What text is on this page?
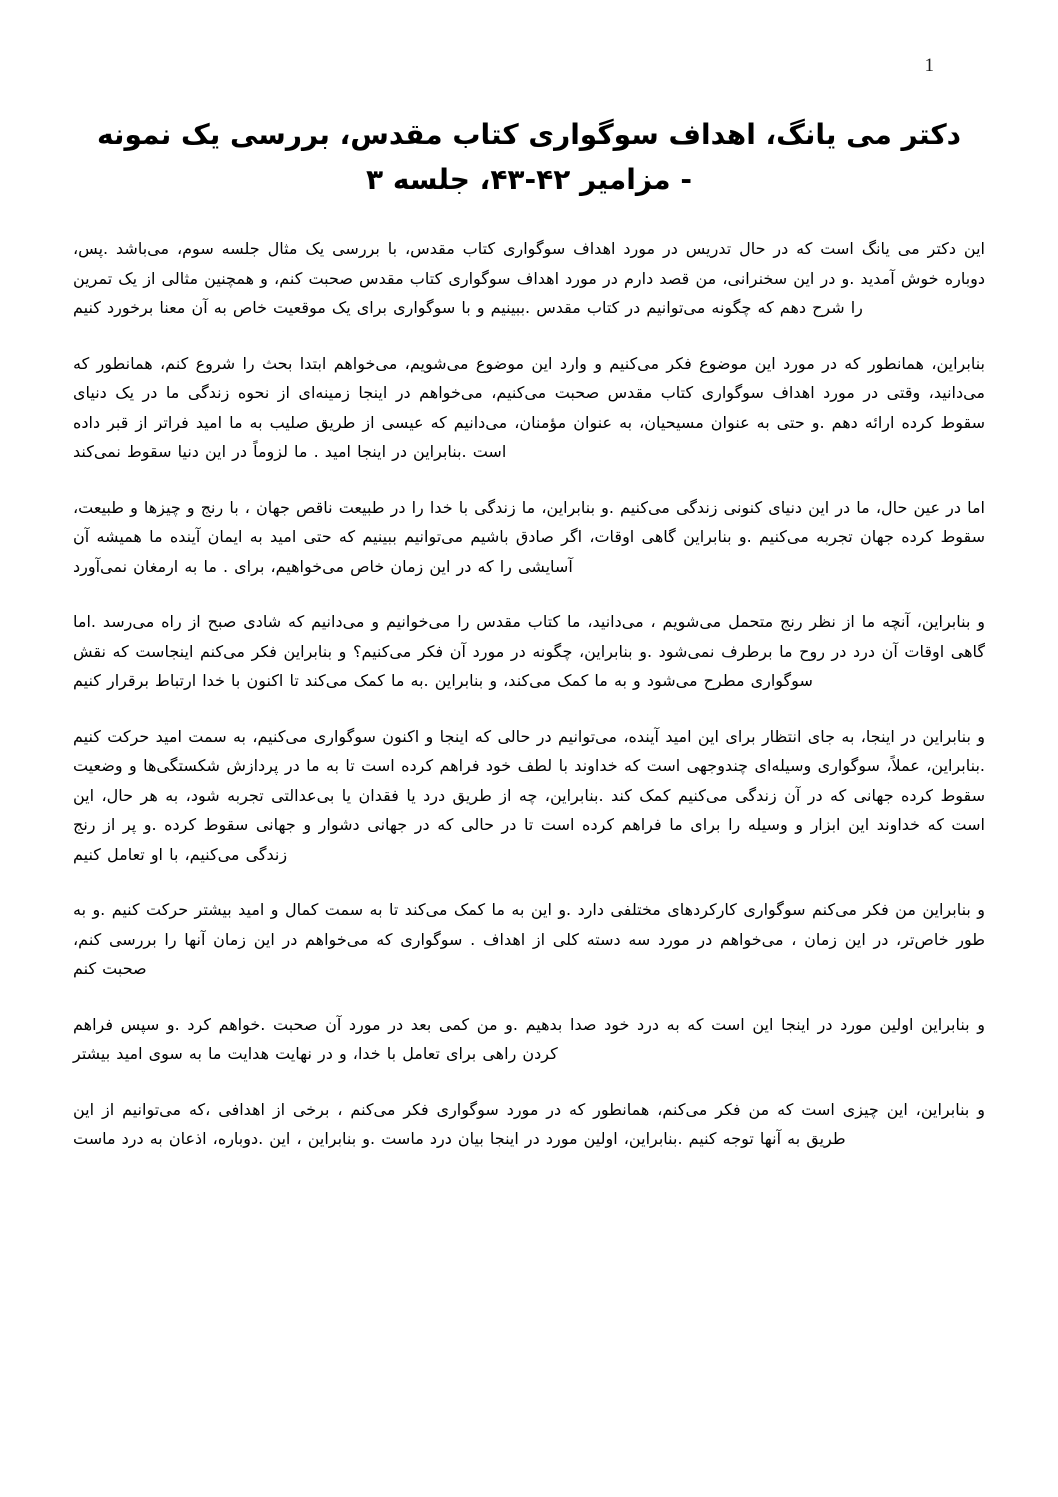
1
دکتر می یانگ، اهداف سوگواری کتاب مقدس، بررسی یک نمونه
مزامیر ۴۲-۴۳، جلسه ۳ -

،این دکتر می یانگ است که در حال تدریس در مورد اهداف سوگواری کتاب مقدس، با بررسی یک مثال جلسه سوم، می‌باشد .پس دوباره خوش آمدید .و در این سخنرانی، من قصد دارم در مورد اهداف سوگواری کتاب مقدس صحبت کنم، و همچنین مثالی از یک تمرین را شرح دهم که چگونه می‌توانیم در کتاب مقدس .ببینیم و با سوگواری برای یک موقعیت خاص به آن معنا برخورد کنیم

بنابراین، همانطور که در مورد این موضوع فکر می‌کنیم و وارد این موضوع می‌شویم، می‌خواهم ابتدا بحث را شروع کنم، همانطور که می‌دانید، وقتی در مورد اهداف سوگواری کتاب مقدس صحبت می‌کنیم، می‌خواهم در اینجا زمینه‌ای از نحوه زندگی ما در یک دنیای سقوط کرده ارائه دهم .و حتی به عنوان مسیحیان، به عنوان مؤمنان، می‌دانیم که عیسی از طریق صلیب به ما امید فراتر از قبر داده است .بنابراین در اینجا امید . ما لزوماً در این دنیا سقوط نمی‌کند

،اما در عین حال، ما در این دنیای کنونی زندگی می‌کنیم .و بنابراین، ما زندگی با خدا را در طبیعت ناقص جهان ، با رنج و چیزها و طبیعت سقوط کرده جهان تجربه می‌کنیم .و بنابراین گاهی اوقات، اگر صادق باشیم می‌توانیم ببینیم که حتی امید به ایمان آینده ما همیشه آن آسایشی را که در این زمان خاص می‌خواهیم، برای . ما به ارمغان نمی‌آورد

و بنابراین، آنچه ما از نظر رنج متحمل می‌شویم ، می‌دانید، ما کتاب مقدس را می‌خوانیم و می‌دانیم که شادی صبح از راه می‌رسد .اما گاهی اوقات آن درد در روح ما برطرف نمی‌شود .و بنابراین، چگونه در مورد آن فکر می‌کنیم؟ و بنابراین فکر می‌کنم اینجاست که نقش سوگواری مطرح می‌شود و به ما کمک می‌کند، و بنابراین .به ما کمک می‌کند تا اکنون با خدا ارتباط برقرار کنیم

و بنابراین در اینجا، به جای انتظار برای این امید آینده، می‌توانیم در حالی که اینجا و اکنون سوگواری می‌کنیم، به سمت امید حرکت کنیم .بنابراین، عملاً، سوگواری وسیله‌ای چندوجهی است که خداوند با لطف خود فراهم کرده است تا به ما در پردازش شکستگی‌ها و وضعیت سقوط کرده جهانی که در آن زندگی می‌کنیم کمک کند .بنابراین، چه از طریق درد یا فقدان یا بی‌عدالتی تجربه شود، به هر حال، این است که خداوند این ابزار و وسیله را برای ما فراهم کرده است تا در حالی که در جهانی دشوار و جهانی سقوط کرده .و پر از رنج زندگی می‌کنیم، با او تعامل کنیم

و بنابراین من فکر می‌کنم سوگواری کارکردهای مختلفی دارد .و این به ما کمک می‌کند تا به سمت کمال و امید بیشتر حرکت کنیم .و به طور خاص‌تر، در این زمان ، می‌خواهم در مورد سه دسته کلی از اهداف . سوگواری که می‌خواهم در این زمان آنها را بررسی کنم، صحبت کنم

و بنابراین اولین مورد در اینجا این است که به درد خود صدا بدهیم .و من کمی بعد در مورد آن صحبت .خواهم کرد .و سپس فراهم کردن راهی برای تعامل با خدا، و در نهایت هدایت ما به سوی امید بیشتر

و بنابراین، این چیزی است که من فکر می‌کنم، همانطور که در مورد سوگواری فکر می‌کنم ، برخی از اهدافی ،که می‌توانیم از این طریق به آنها توجه کنیم .بنابراین، اولین مورد در اینجا بیان درد ماست .و بنابراین ، این .دوباره، اذعان به درد ماست
